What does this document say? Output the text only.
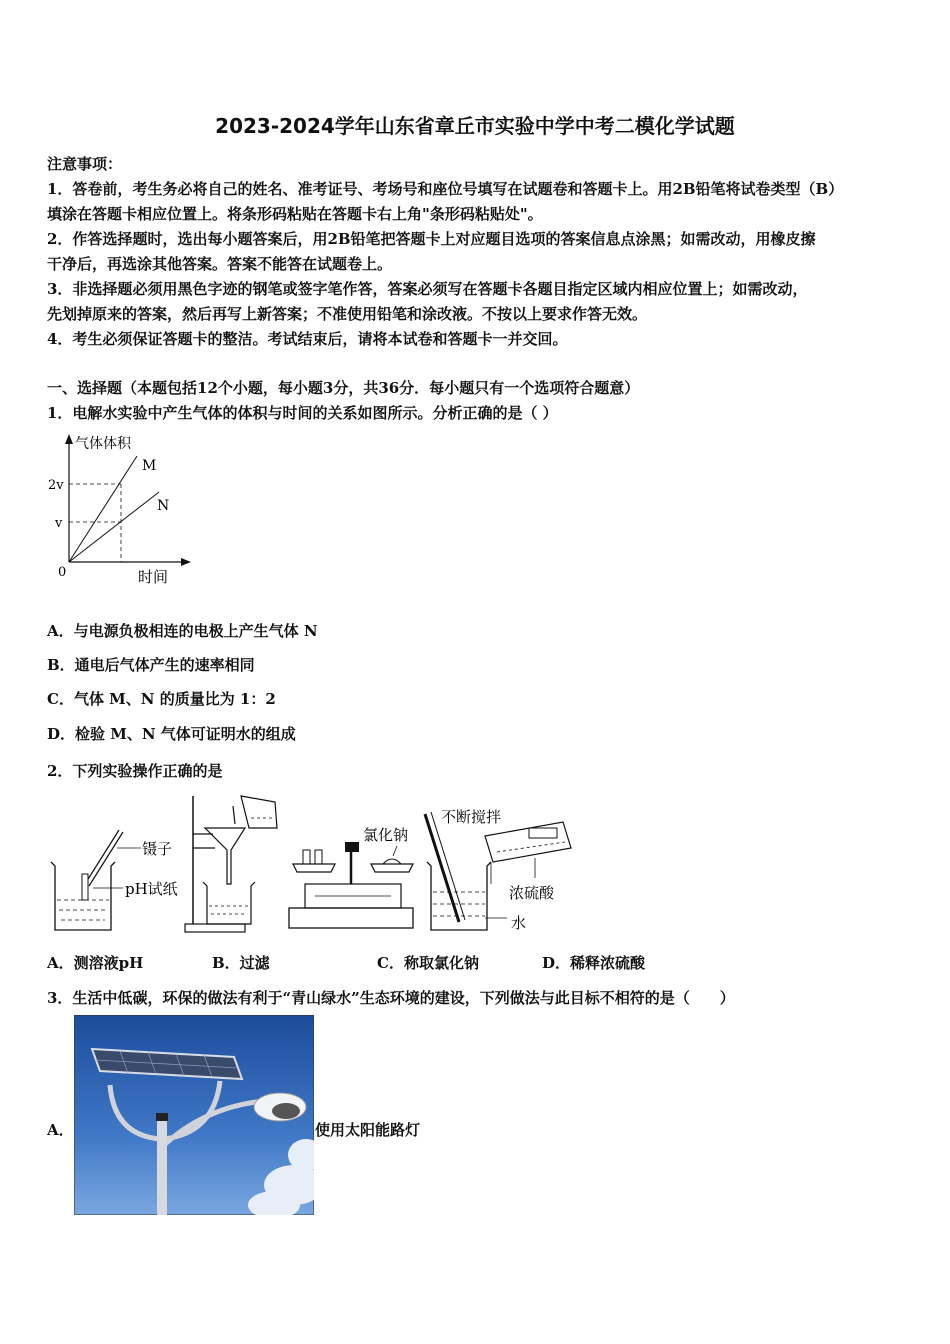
2023-2024学年山东省章丘市实验中学中考二模化学试题
注意事项：
1．答卷前，考生务必将自己的姓名、准考证号、考场号和座位号填写在试题卷和答题卡上。用2B铅笔将试卷类型（B）
填涂在答题卡相应位置上。将条形码粘贴在答题卡右上角"条形码粘贴处"。
2．作答选择题时，选出每小题答案后，用2B铅笔把答题卡上对应题目选项的答案信息点涂黑；如需改动，用橡皮擦
干净后，再选涂其他答案。答案不能答在试题卷上。
3．非选择题必须用黑色字迹的钢笔或签字笔作答，答案必须写在答题卡各题目指定区域内相应位置上；如需改动，
先划掉原来的答案，然后再写上新答案；不准使用铅笔和涂改液。不按以上要求作答无效。
4．考生必须保证答题卡的整洁。考试结束后，请将本试卷和答题卡一并交回。
一、选择题（本题包括12个小题，每小题3分，共36分．每小题只有一个选项符合题意）
1．电解水实验中产生气体的体积与时间的关系如图所示。分析正确的是（ ）
气体体积
M
N
2v
v
0	时间
A．与电源负极相连的电极上产生气体 N
B．通电后气体产生的速率相同
C．气体 M、N 的质量比为 1：2
D．检验 M、N 气体可证明水的组成
2．下列实验操作正确的是
镊子
pH试纸
氯化钠
不断搅拌
浓硫酸
水
A．测溶液pH	B．过滤	C．称取氯化钠	D．稀释浓硫酸
3．生活中低碳，环保的做法有利于“青山绿水”生态环境的建设，下列做法与此目标不相符的是（　　）
A．	使用太阳能路灯
